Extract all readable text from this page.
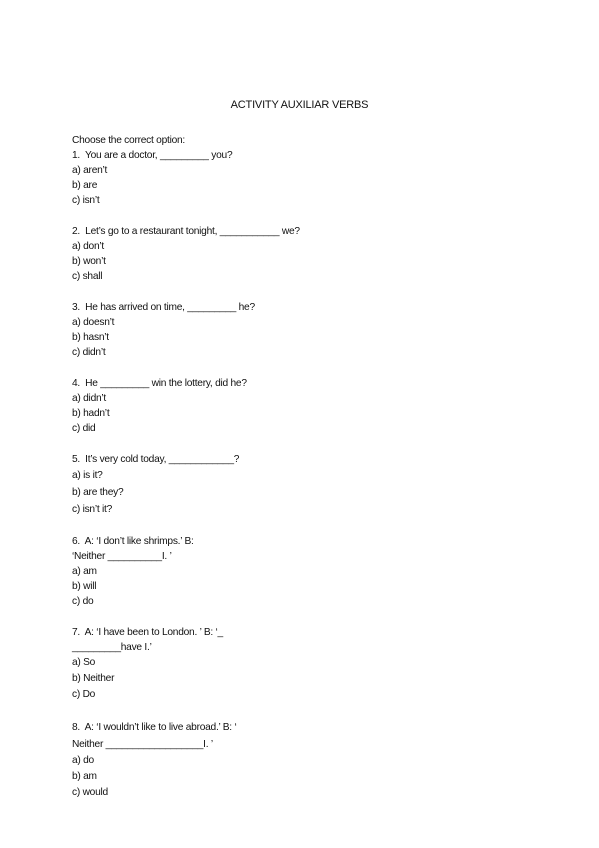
ACTIVITY AUXILIAR VERBS
Choose the correct option:
1.  You are a doctor, _________ you?
a) aren’t
b) are
c) isn’t
2.  Let’s go to a restaurant tonight, ___________ we?
a) don’t
b) won’t
c) shall
3.  He has arrived on time, _________ he?
a) doesn’t
b) hasn’t
c) didn’t
4.  He _________ win the lottery, did he?
a) didn’t
b) hadn’t
c) did
5.  It’s very cold today, ____________?
a) is it?
b) are they?
c) isn’t it?
6.  A: ‘I don’t like shrimps.’ B:
‘Neither __________I. ’
a) am
b) will
c) do
7.  A: ‘I have been to London. ’ B: ‘_
_________have I.’
a) So
b) Neither
c) Do
8.  A: ‘I wouldn’t like to live abroad.’ B: ‘
Neither __________________I. ’
a) do
b) am
c) would
